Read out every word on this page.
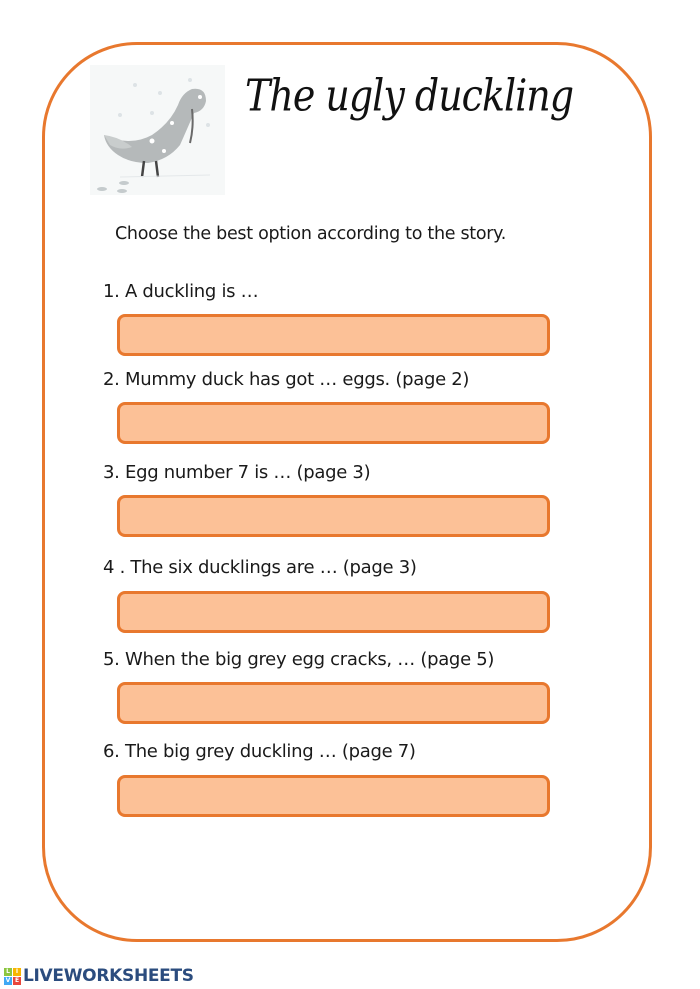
The ugly duckling
Choose the best option according to the story.
1. A duckling is …
2. Mummy duck has got … eggs. (page 2)
3. Egg number 7 is … (page 3)
4 . The six ducklings are … (page 3)
5. When the big grey egg cracks, … (page 5)
6. The big grey duckling … (page 7)
L I
V E LIVEWORKSHEETS
